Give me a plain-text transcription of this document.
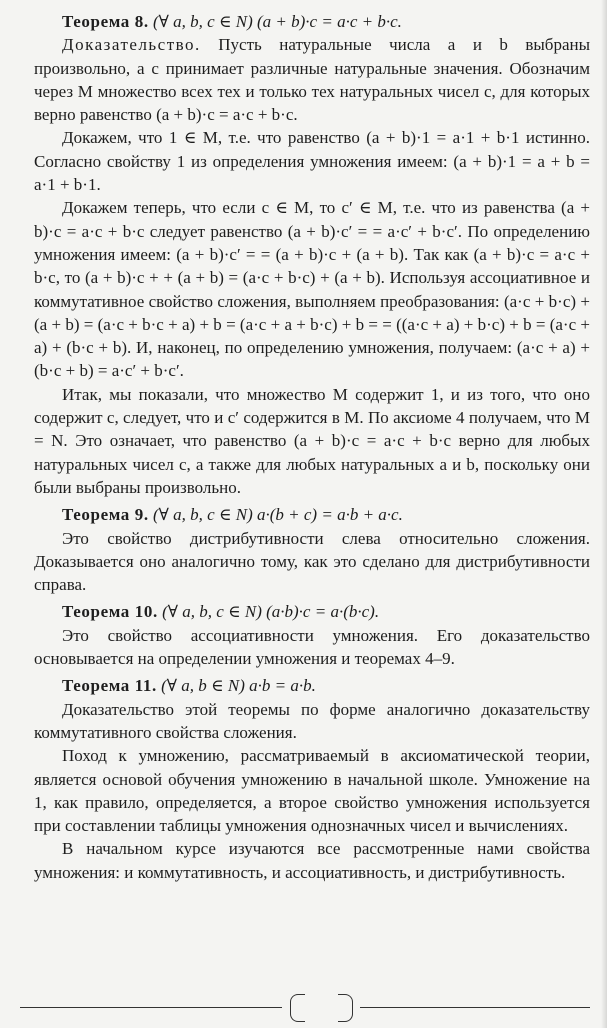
Теорема 8. (∀ a, b, c ∈ N) (a + b)·c = a·c + b·c.

Доказательство. Пусть натуральные числа a и b выбраны произвольно, а c принимает различные натуральные значения. Обозначим через M множество всех тех и только тех натуральных чисел c, для которых верно равенство (a + b)·c = a·c + b·c.

Докажем, что 1 ∈ M, т.е. что равенство (a + b)·1 = a·1 + b·1 истинно. Согласно свойству 1 из определения умножения имеем: (a + b)·1 = a + b = a·1 + b·1.

Докажем теперь, что если c ∈ M, то c′ ∈ M, т.е. что из равенства (a + b)·c = a·c + b·c следует равенство (a + b)·c′ = = a·c′ + b·c′. По определению умножения имеем: (a + b)·c′ = = (a + b)·c + (a + b). Так как (a + b)·c = a·c + b·c, то (a + b)·c + + (a + b) = (a·c + b·c) + (a + b). Используя ассоциативное и коммутативное свойство сложения, выполняем преобразования: (a·c + b·c) + (a + b) = (a·c + b·c + a) + b = (a·c + a + b·c) + b = = ((a·c + a) + b·c) + b = (a·c + a) + (b·c + b). И, наконец, по определению умножения, получаем: (a·c + a) + (b·c + b) = a·c′ + b·c′.

Итак, мы показали, что множество M содержит 1, и из того, что оно содержит c, следует, что и c′ содержится в M. По аксиоме 4 получаем, что M = N. Это означает, что равенство (a + b)·c = a·c + b·c верно для любых натуральных чисел c, а также для любых натуральных a и b, поскольку они были выбраны произвольно.

Теорема 9. (∀ a, b, c ∈ N) a·(b + c) = a·b + a·c.

Это свойство дистрибутивности слева относительно сложения. Доказывается оно аналогично тому, как это сделано для дистрибутивности справа.

Теорема 10. (∀ a, b, c ∈ N) (a·b)·c = a·(b·c).

Это свойство ассоциативности умножения. Его доказательство основывается на определении умножения и теоремах 4–9.

Теорема 11. (∀ a, b ∈ N) a·b = a·b.

Доказательство этой теоремы по форме аналогично доказательству коммутативного свойства сложения.

Поход к умножению, рассматриваемый в аксиоматической теории, является основой обучения умножению в начальной школе. Умножение на 1, как правило, определяется, а второе свойство умножения используется при составлении таблицы умножения однозначных чисел и вычислениях.

В начальном курсе изучаются все рассмотренные нами свойства умножения: и коммутативность, и ассоциативность, и дистрибутивность.
